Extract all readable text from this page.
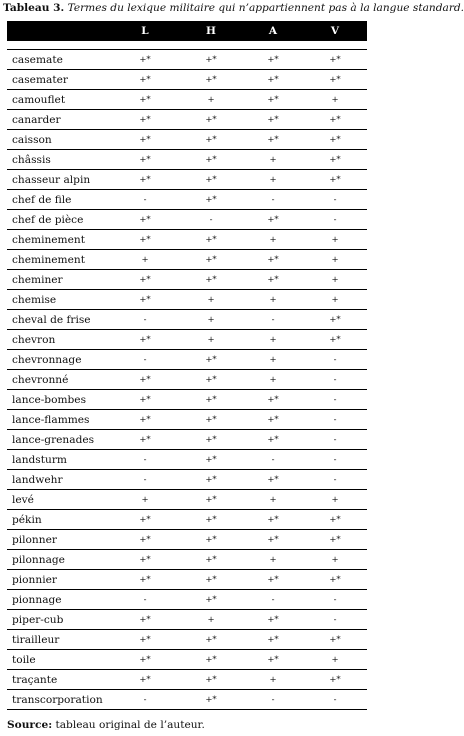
Tableau 3. Termes du lexique militaire qui n’appartiennent pas à la langue standard.
	L	H	A	V

casemate	+*	+*	+*	+*
casemater	+*	+*	+*	+*
camouflet	+*	+	+*	+
canarder	+*	+*	+*	+*
caisson	+*	+*	+*	+*
châssis	+*	+*	+	+*
chasseur alpin	+*	+*	+	+*
chef de file	-	+*	-	-
chef de pièce	+*	-	+*	-
cheminement	+*	+*	+	+
cheminement	+	+*	+*	+
cheminer	+*	+*	+*	+
chemise	+*	+	+	+
cheval de frise	-	+	-	+*
chevron	+*	+	+	+*
chevronnage	-	+*	+	-
chevronné	+*	+*	+	-
lance-bombes	+*	+*	+*	-
lance-flammes	+*	+*	+*	-
lance-grenades	+*	+*	+*	-
landsturm	-	+*	-	-
landwehr	-	+*	+*	-
levé	+	+*	+	+
pékin	+*	+*	+*	+*
pilonner	+*	+*	+*	+*
pilonnage	+*	+*	+	+
pionnier	+*	+*	+*	+*
pionnage	-	+*	-	-
piper-cub	+*	+	+*	-
tirailleur	+*	+*	+*	+*
toile	+*	+*	+*	+
traçante	+*	+*	+	+*
transcorporation	-	+*	-	-
Source: tableau original de l’auteur.
